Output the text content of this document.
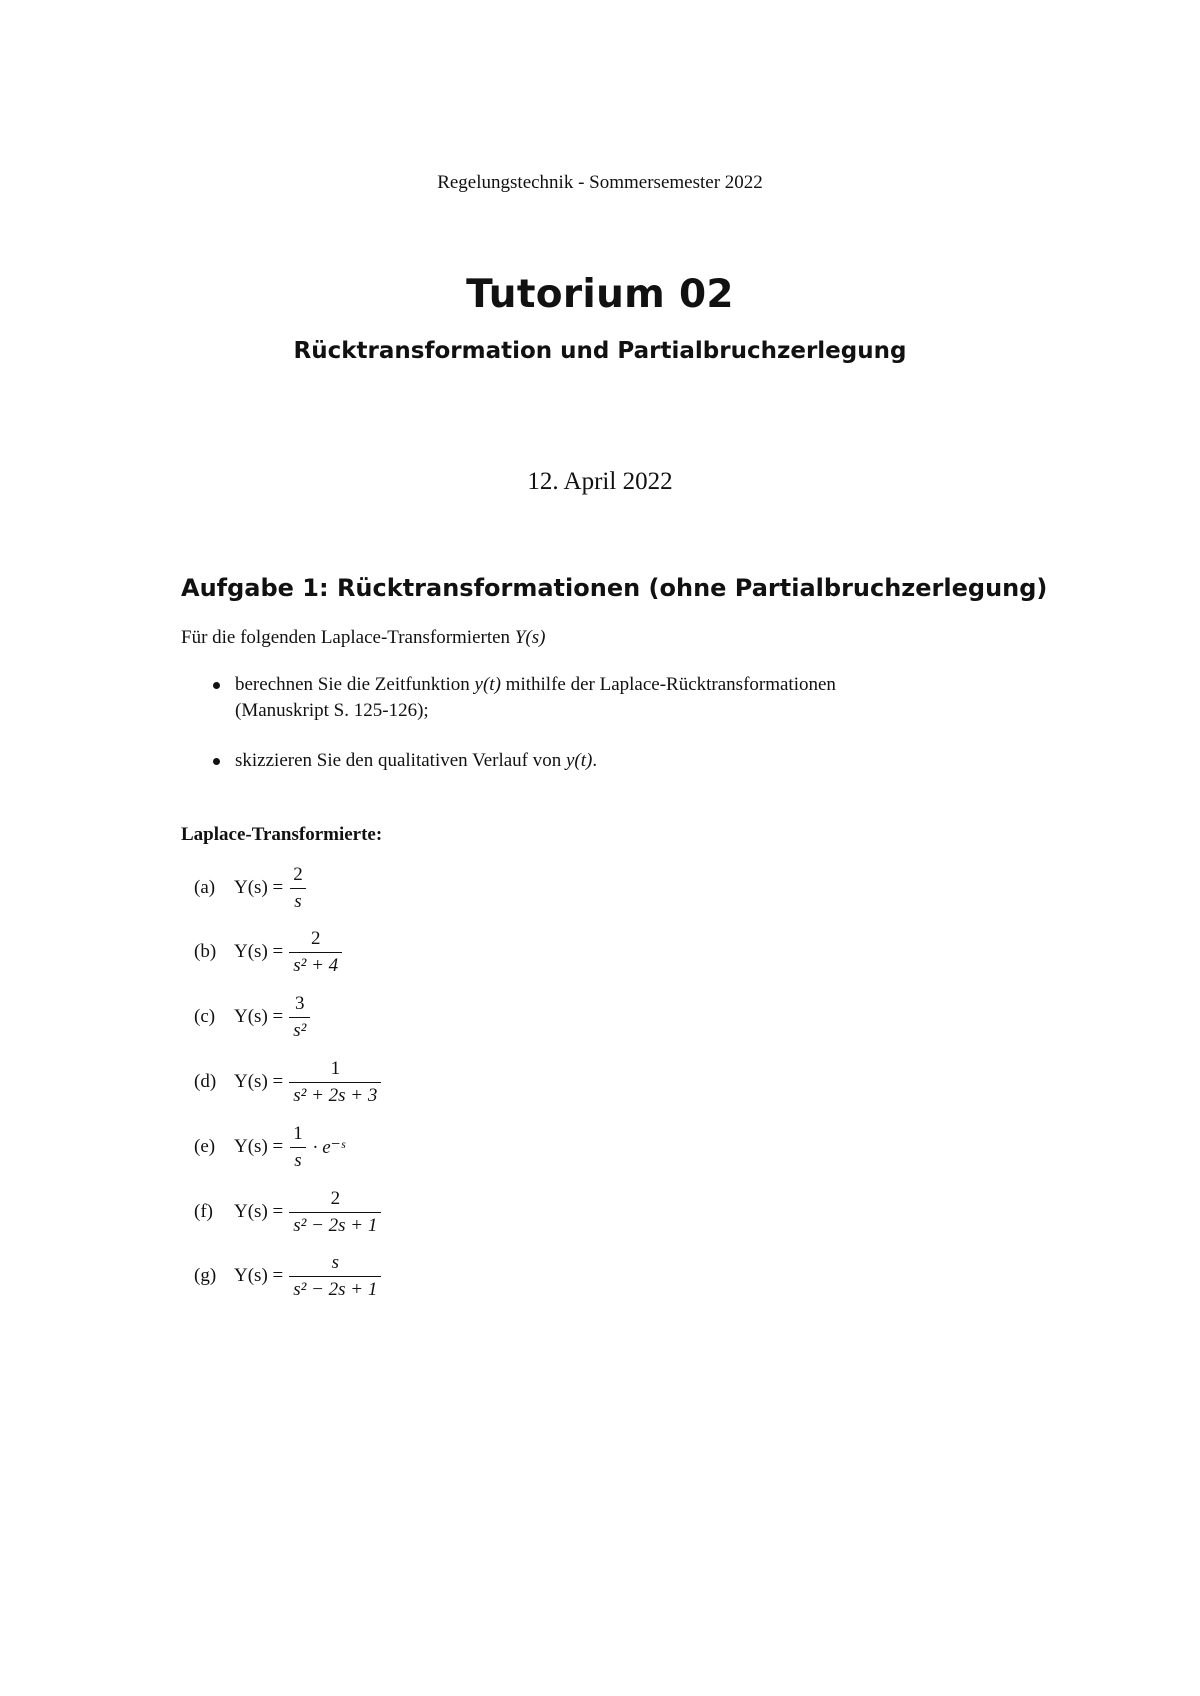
Regelungstechnik - Sommersemester 2022
Tutorium 02
Rücktransformation und Partialbruchzerlegung
12. April 2022
Aufgabe 1: Rücktransformationen (ohne Partialbruchzerlegung)
Für die folgenden Laplace-Transformierten Y(s)
berechnen Sie die Zeitfunktion y(t) mithilfe der Laplace-Rücktransformationen
(Manuskript S. 125-126);
skizzieren Sie den qualitativen Verlauf von y(t).
Laplace-Transformierte:
(a) $Y(s) = \frac{2}{s}$
(b) $Y(s) = \frac{2}{\text{s² + 4}}$
(c) $Y(s) = \frac{3}{\text{s²}}$
(d) $Y(s) = \frac{1}{\text{s² + 2s + 3}}$
(e) $Y(s) = \frac{1}{s}$ · e⁻ˢ
(f)	$Y(s) = \frac{2}{\text{s² − 2s + 1}}$
(g) $Y(s) = \frac{s}{\text{s² − 2s + 1}}$
